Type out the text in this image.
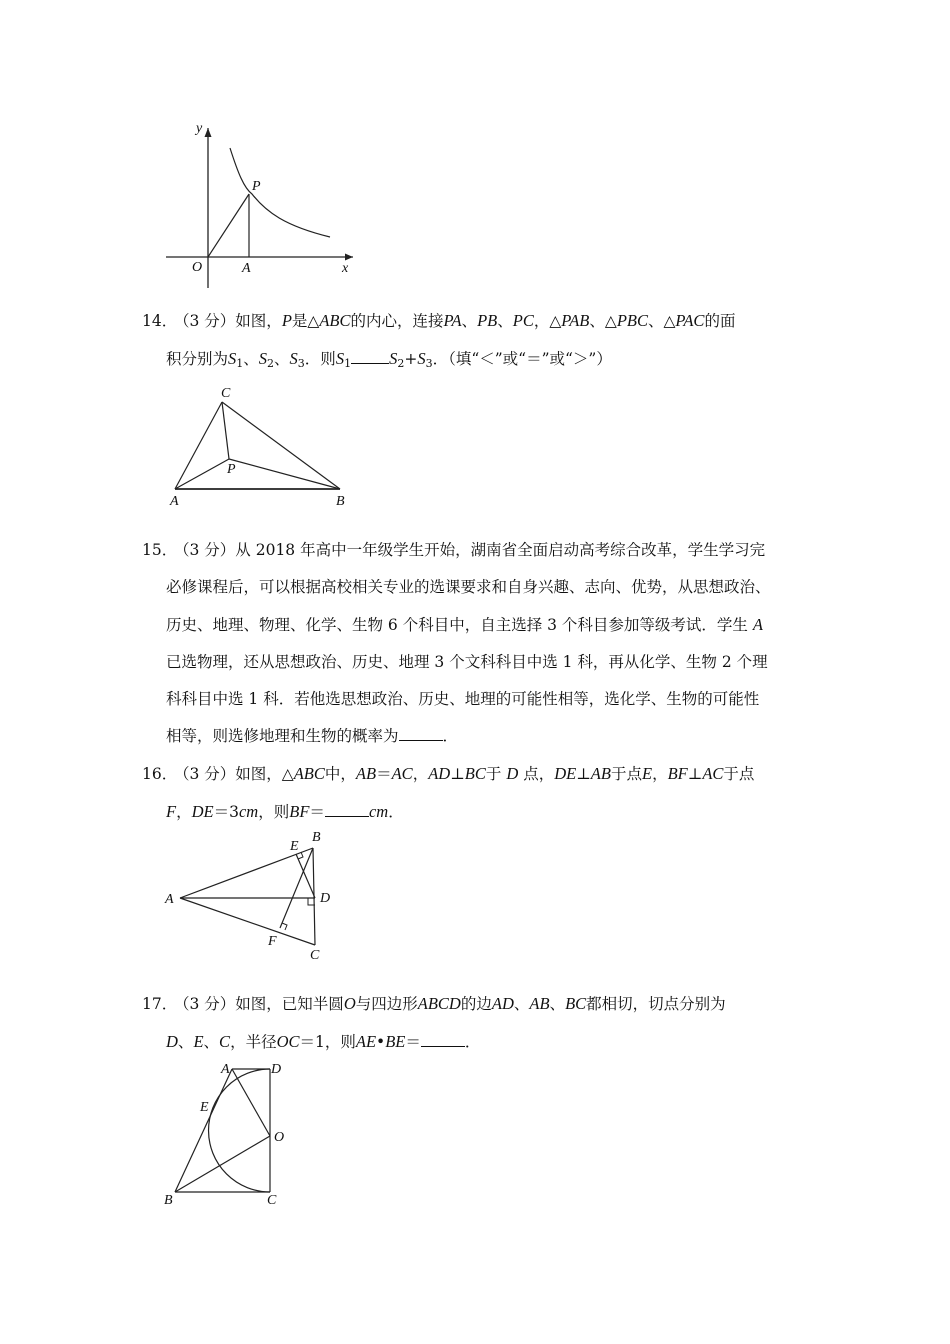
y
P
O	A	x
14．（3 分）如图，P是△ABC的内心，连接PA、PB、PC，△PAB、△PBC、△PAC的面
积分别为$S_1$、$S_2$、$S_3$．则$S_1$ $S_2+S_3$．（填“＜”或“＝”或“＞”）
C
P
A	B
15．（3 分）从 2018 年高中一年级学生开始，湖南省全面启动高考综合改革，学生学习完
必修课程后，可以根据高校相关专业的选课要求和自身兴趣、志向、优势，从思想政治、
历史、地理、物理、化学、生物 6 个科目中，自主选择 3 个科目参加等级考试．学生 A
已选物理，还从思想政治、历史、地理 3 个文科科目中选 1 科，再从化学、生物 2 个理
科科目中选 1 科．若他选思想政治、历史、地理的可能性相等，选化学、生物的可能性
相等，则选修地理和生物的概率为	．
16．（3 分）如图，△ABC中，AB＝AC，AD⊥BC于 D 点，DE⊥AB于点E，BF⊥AC于点
F，DE＝3cm，则BF＝	cm．
E
B
A	D
F
C
17．（3 分）如图，已知半圆O与四边形ABCD的边AD、AB、BC都相切，切点分别为
D、E、C，半径OC＝1，则AE•BE＝	．
A	D
E
O
B	C
